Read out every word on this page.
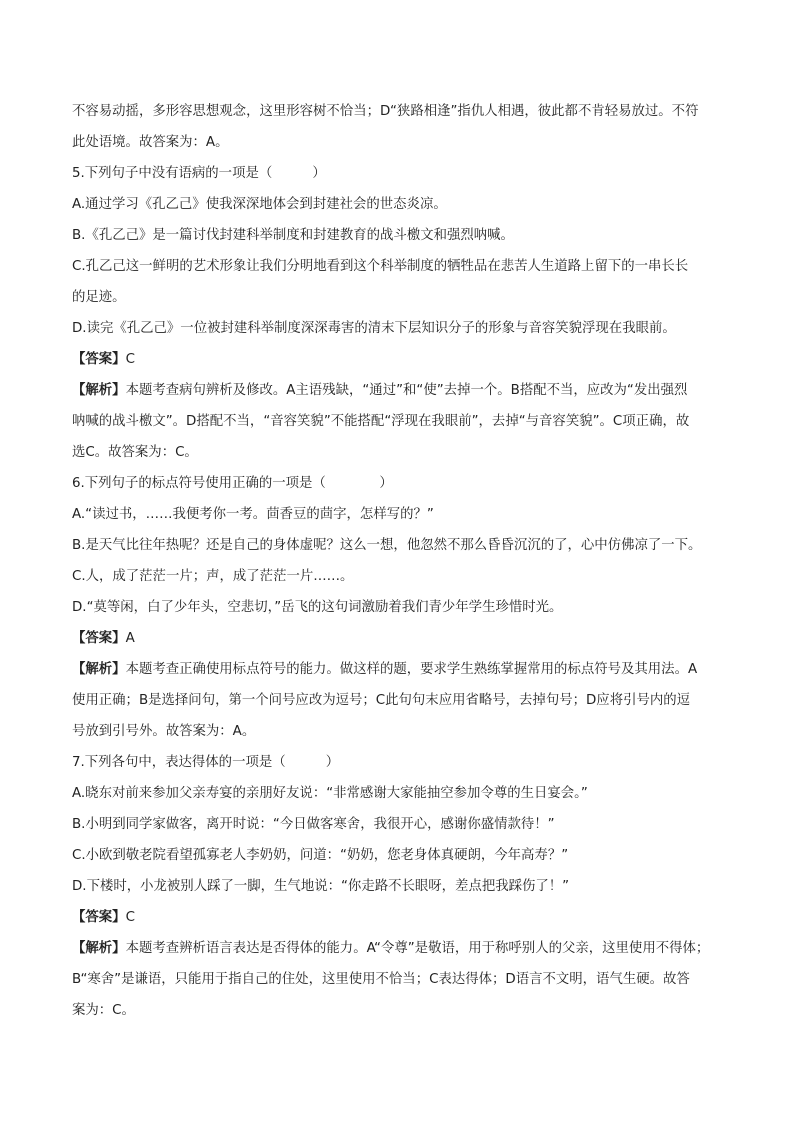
不容易动摇，多形容思想观念，这里形容树不恰当；D“狭路相逢”指仇人相遇，彼此都不肯轻易放过。不符
此处语境。故答案为：A。
5.下列句子中没有语病的一项是（　　　）
A.通过学习《孔乙己》使我深深地体会到封建社会的世态炎凉。
B.《孔乙己》是一篇讨伐封建科举制度和封建教育的战斗檄文和强烈呐喊。
C.孔乙己这一鲜明的艺术形象让我们分明地看到这个科举制度的牺牲品在悲苦人生道路上留下的一串长长
的足迹。
D.读完《孔乙己》一位被封建科举制度深深毒害的清末下层知识分子的形象与音容笑貌浮现在我眼前。
【答案】C
【解析】本题考查病句辨析及修改。A主语残缺，“通过”和“使”去掉一个。B搭配不当，应改为“发出强烈
呐喊的战斗檄文”。D搭配不当，“音容笑貌”不能搭配“浮现在我眼前”，去掉“与音容笑貌”。C项正确，故
选C。故答案为：C。
6.下列句子的标点符号使用正确的一项是（　　　　）
A.“读过书，……我便考你一考。茴香豆的茴字，怎样写的？”
B.是天气比往年热呢？还是自己的身体虚呢？这么一想，他忽然不那么昏昏沉沉的了，心中仿佛凉了一下。
C.人，成了茫茫一片；声，成了茫茫一片……。
D.“莫等闲，白了少年头，空悲切，”岳飞的这句词激励着我们青少年学生珍惜时光。
【答案】A
【解析】本题考查正确使用标点符号的能力。做这样的题，要求学生熟练掌握常用的标点符号及其用法。A
使用正确；B是选择问句，第一个问号应改为逗号；C此句句末应用省略号，去掉句号；D应将引号内的逗
号放到引号外。故答案为：A。
7.下列各句中，表达得体的一项是（　　　）
A.晓东对前来参加父亲寿宴的亲朋好友说：“非常感谢大家能抽空参加令尊的生日宴会。”
B.小明到同学家做客，离开时说：“今日做客寒舍，我很开心，感谢你盛情款待！”
C.小欧到敬老院看望孤寡老人李奶奶，问道：“奶奶，您老身体真硬朗，今年高寿？”
D.下楼时，小龙被别人踩了一脚，生气地说：“你走路不长眼呀，差点把我踩伤了！”
【答案】C
【解析】本题考查辨析语言表达是否得体的能力。A“令尊”是敬语，用于称呼别人的父亲，这里使用不得体；
B“寒舍”是谦语，只能用于指自己的住处，这里使用不恰当；C表达得体；D语言不文明，语气生硬。故答
案为：C。
